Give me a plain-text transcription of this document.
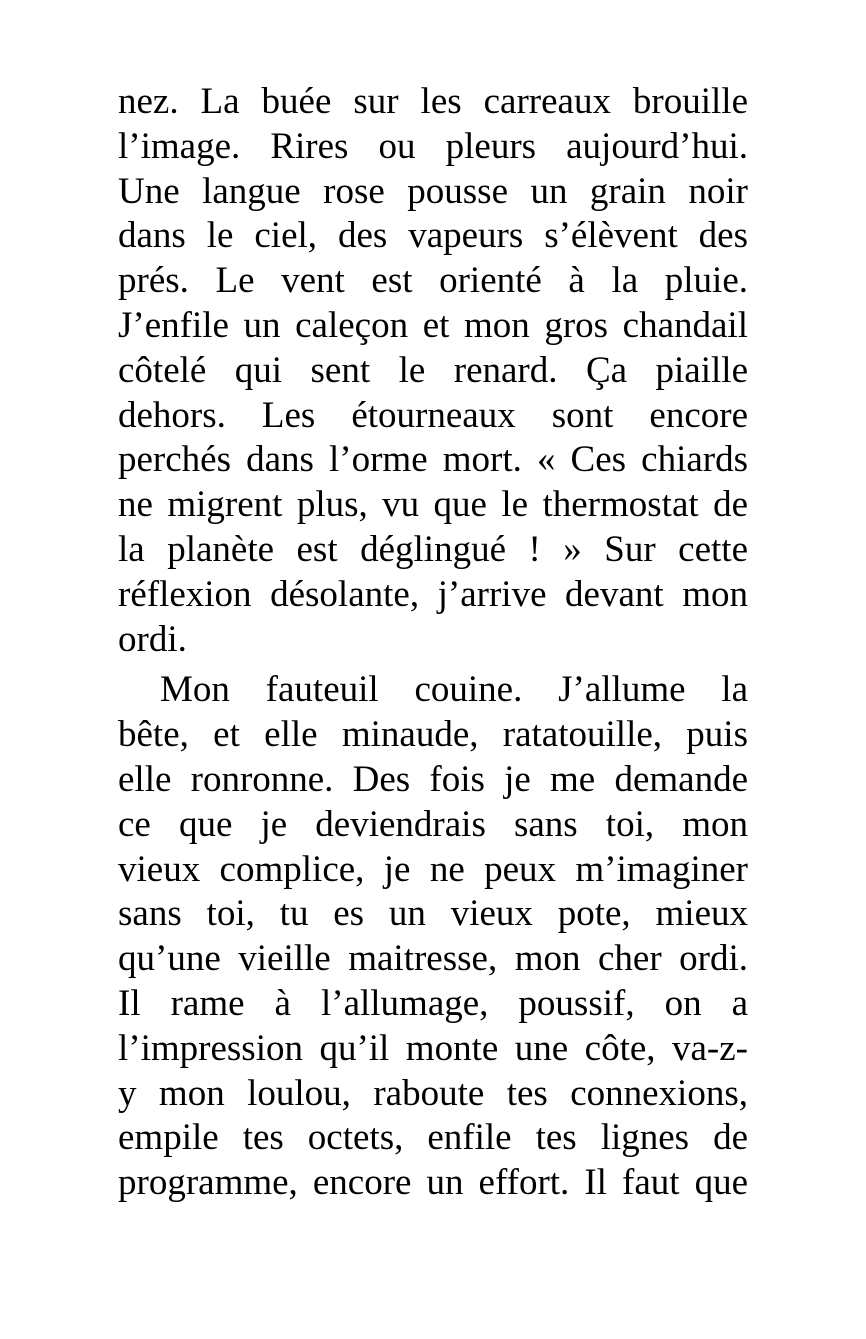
nez. La buée sur les carreaux brouille
l’image. Rires ou pleurs aujourd’hui.
Une langue rose pousse un grain noir
dans le ciel, des vapeurs s’élèvent des
prés. Le vent est orienté à la pluie.
J’enfile un caleçon et mon gros chandail
côtelé qui sent le renard. Ça piaille
dehors. Les étourneaux sont encore
perchés dans l’orme mort. « Ces chiards
ne migrent plus, vu que le thermostat de
la planète est déglingué ! » Sur cette
réflexion désolante, j’arrive devant mon
ordi.
Mon fauteuil couine. J’allume la
bête, et elle minaude, ratatouille, puis
elle ronronne. Des fois je me demande
ce que je deviendrais sans toi, mon
vieux complice, je ne peux m’imaginer
sans toi, tu es un vieux pote, mieux
qu’une vieille maitresse, mon cher ordi.
Il rame à l’allumage, poussif, on a
l’impression qu’il monte une côte, va-z-
y mon loulou, raboute tes connexions,
empile tes octets, enfile tes lignes de
programme, encore un effort. Il faut que
